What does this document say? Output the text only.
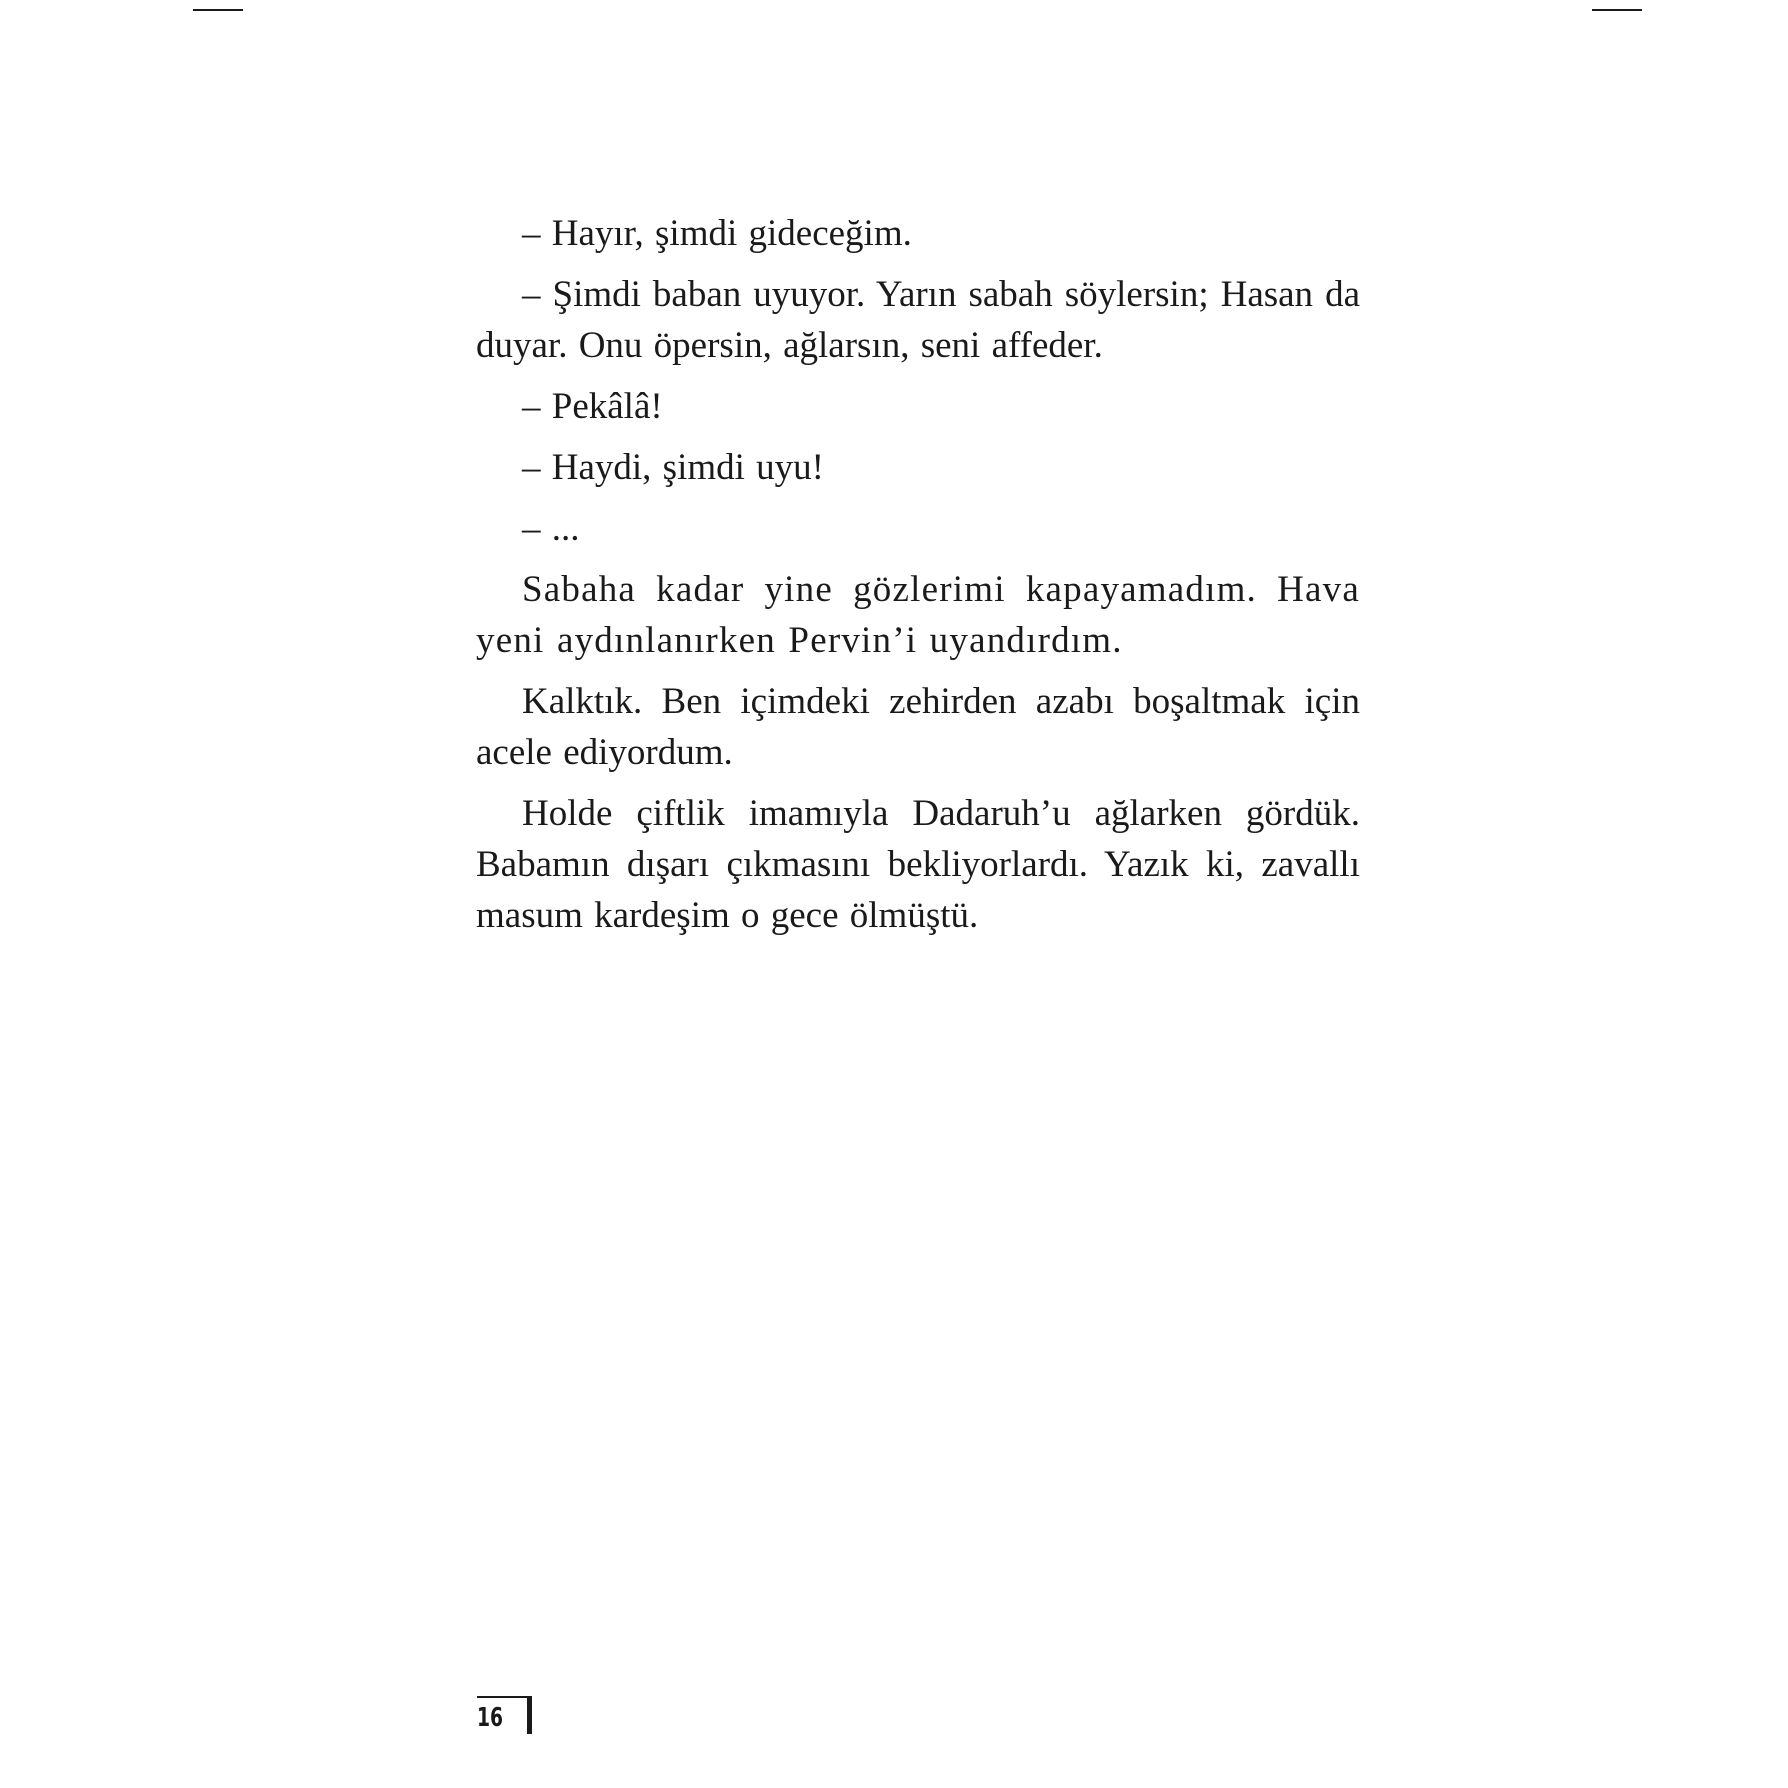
– Hayır, şimdi gideceğim.

– Şimdi baban uyuyor. Yarın sabah söylersin; Hasan da duyar. Onu öpersin, ağlarsın, seni affeder.

– Pekâlâ!

– Haydi, şimdi uyu!

– ...

Sabaha kadar yine gözlerimi kapayamadım. Hava yeni aydınlanırken Pervin’i uyandırdım.

Kalktık. Ben içimdeki zehirden azabı boşaltmak için acele ediyordum.

Holde çiftlik imamıyla Dadaruh’u ağlarken gördük. Babamın dışarı çıkmasını bekliyorlardı. Yazık ki, zavallı masum kardeşim o gece ölmüştü.

16
